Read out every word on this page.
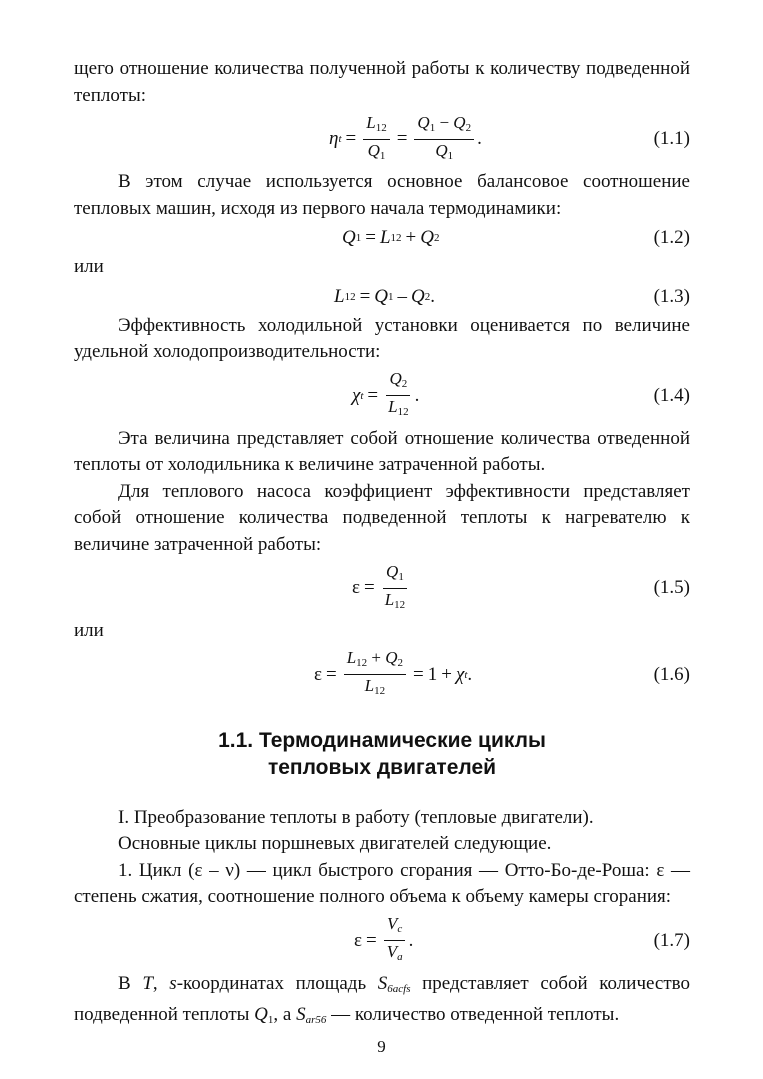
щего отношение количества полученной работы к количеству подведенной теплоты:

η $t = \frac{L_{12}}{Q_1} = \frac{Q_1 - Q_2}{Q_1}$ .	(1.1)

В этом случае используется основное балансовое соотношение тепловых машин, исходя из первого начала термодинамики:

Q 1 = L 12 + Q 2	(1.2)

или

L 12 = Q 1 – Q 2 .	(1.3)

Эффективность холодильной установки оценивается по величине удельной холодопроизводительности:

χ $t = \frac{Q_2}{L_{12}}$ .	(1.4)

Эта величина представляет собой отношение количества отведенной теплоты от холодильника к величине затраченной работы.

Для теплового насоса коэффициент эффективности представляет собой отношение количества подведенной теплоты к нагревателю к величине затраченной работы:

$\varepsilon = \frac{Q_1}{L_{12}}$	(1.5)

или

$\varepsilon = \frac{L_{12} + Q_2}{L_{12}} = 1 + \chi$ t .	(1.6)
1.1. Термодинамические циклы
тепловых двигателей

I. Преобразование теплоты в работу (тепловые двигатели).

Основные циклы поршневых двигателей следующие.

1. Цикл (ε – ν) — цикл быстрого сгорания — Отто-Бо-де-Роша: ε — степень сжатия, соотношение полного объема к объему камеры сгорания:

$\varepsilon = \frac{V_c}{V_a}$ .	(1.7)

В T, s-координатах площадь $S_{6acfs}$ представляет собой количество подведенной теплоты $Q_1$, а $S_{ar56}$ — количество отведенной теплоты.

9
